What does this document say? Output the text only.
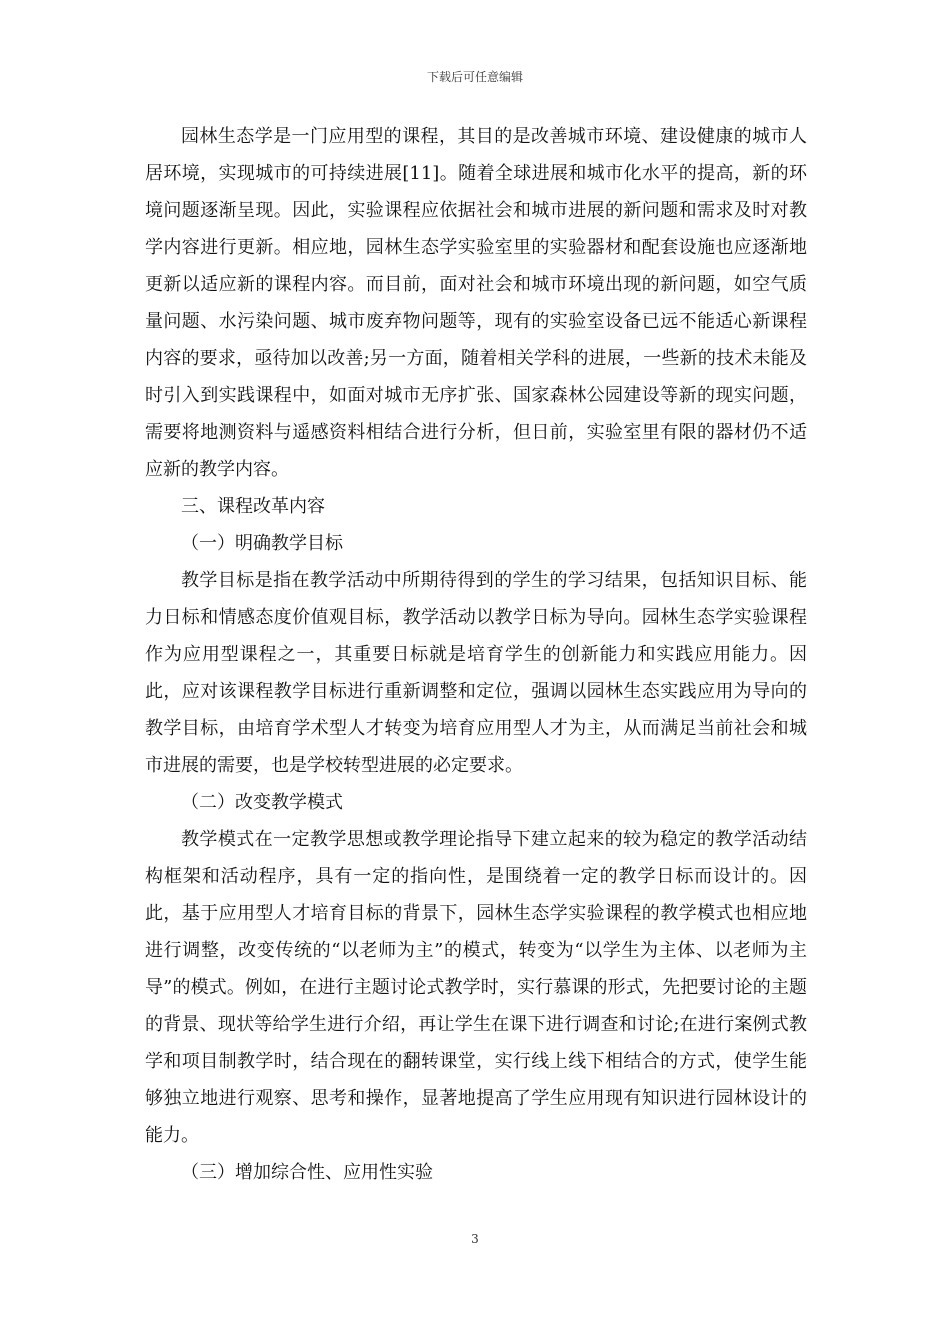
下载后可任意编辑

园林生态学是一门应用型的课程，其目的是改善城市环境、建设健康的城市人居环境，实现城市的可持续进展[11]。随着全球进展和城市化水平的提高，新的环境问题逐渐呈现。因此，实验课程应依据社会和城市进展的新问题和需求及时对教学内容进行更新。相应地，园林生态学实验室里的实验器材和配套设施也应逐渐地更新以适应新的课程内容。而目前，面对社会和城市环境出现的新问题，如空气质量问题、水污染问题、城市废弃物问题等，现有的实验室设备已远不能适心新课程内容的要求，亟待加以改善;另一方面，随着相关学科的进展，一些新的技术未能及时引入到实践课程中，如面对城市无序扩张、国家森林公园建设等新的现实问题，需要将地测资料与遥感资料相结合进行分析，但日前，实验室里有限的器材仍不适应新的教学内容。

三、课程改革内容

（一）明确教学目标

教学目标是指在教学活动中所期待得到的学生的学习结果，包括知识目标、能力日标和情感态度价值观目标，教学活动以教学日标为导向。园林生态学实验课程作为应用型课程之一，其重要日标就是培育学生的创新能力和实践应用能力。因此，应对该课程教学目标进行重新调整和定位，强调以园林生态实践应用为导向的教学目标，由培育学术型人才转变为培育应用型人才为主，从而满足当前社会和城市进展的需要，也是学校转型进展的必定要求。

（二）改变教学模式

教学模式在一定教学思想或教学理论指导下建立起来的较为稳定的教学活动结构框架和活动程序，具有一定的指向性，是围绕着一定的教学日标而设计的。因此，基于应用型人才培育目标的背景下，园林生态学实验课程的教学模式也相应地进行调整，改变传统的“以老师为主”的模式，转变为“以学生为主体、以老师为主导”的模式。例如，在进行主题讨论式教学时，实行慕课的形式，先把要讨论的主题的背景、现状等给学生进行介绍，再让学生在课下进行调查和讨论;在进行案例式教学和项目制教学时，结合现在的翻转课堂，实行线上线下相结合的方式，使学生能够独立地进行观察、思考和操作，显著地提高了学生应用现有知识进行园林设计的能力。

（三）增加综合性、应用性实验

3
